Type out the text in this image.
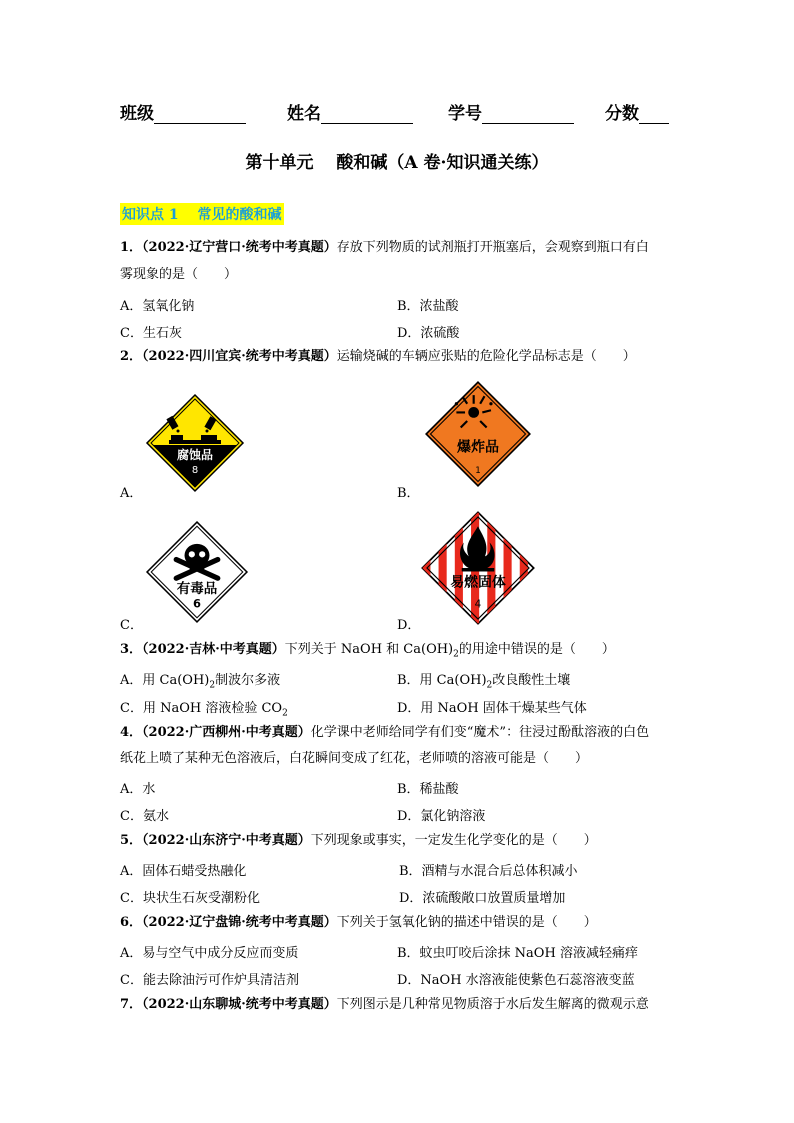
班级	姓名	学号	分数
第十单元　 酸和碱（A 卷·知识通关练）
知识点 1　 常见的酸和碱
1．（2022·辽宁营口·统考中考真题）存放下列物质的试剂瓶打开瓶塞后，会观察到瓶口有白
雾现象的是（　　）
A．氢氧化钠	B．浓盐酸
C．生石灰	D．浓硫酸
2．（2022·四川宜宾·统考中考真题）运输烧碱的车辆应张贴的危险化学品标志是（　　）
A．	B．
C．	D．
腐蚀品
8
爆炸品
1
有毒品
6
易燃固体
4
3．（2022·吉林·中考真题）下列关于 NaOH 和 $Ca(OH)_2$的用途中错误的是（　　）
A．用 $Ca(OH)_2$制波尔多液	B．用 $Ca(OH)_2$改良酸性土壤
C．用 NaOH 溶液检验 $CO_2$	D．用 NaOH 固体干燥某些气体
4．（2022·广西柳州·中考真题）化学课中老师给同学有们变“魔术”：往浸过酚酞溶液的白色
纸花上喷了某种无色溶液后，白花瞬间变成了红花，老师喷的溶液可能是（　　）
A．水	B．稀盐酸
C．氨水	D．氯化钠溶液
5．（2022·山东济宁·中考真题）下列现象或事实，一定发生化学变化的是（　　）
A．固体石蜡受热融化	B．酒精与水混合后总体积减小
C．块状生石灰受潮粉化	D．浓硫酸敞口放置质量增加
6．（2022·辽宁盘锦·统考中考真题）下列关于氢氧化钠的描述中错误的是（　　）
A．易与空气中成分反应而变质	B．蚊虫叮咬后涂抹 NaOH 溶液减轻痛痒
C．能去除油污可作炉具清洁剂	D．NaOH 水溶液能使紫色石蕊溶液变蓝
7．（2022·山东聊城·统考中考真题）下列图示是几种常见物质溶于水后发生解离的微观示意
